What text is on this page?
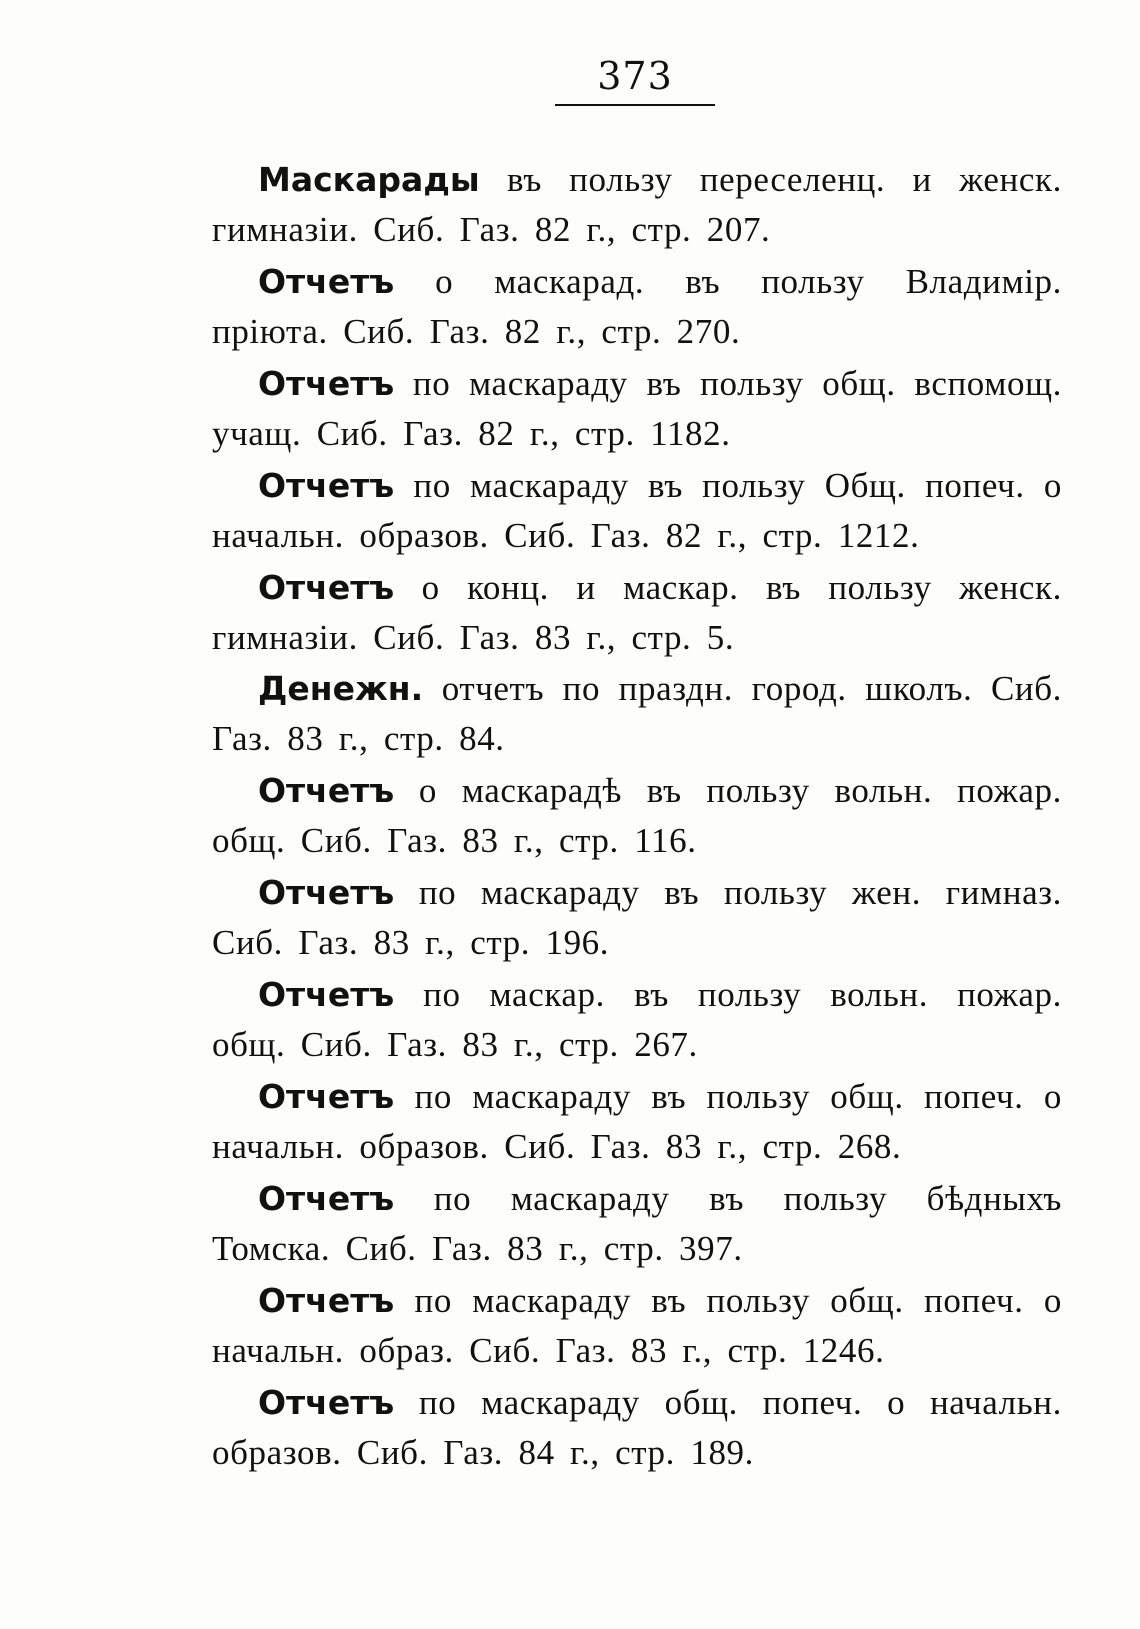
373

Маскарады въ пользу переселенц. и женск. гимназіи. Сиб. Газ. 82 г., стр. 207.

Отчетъ о маскарад. въ пользу Владимір. пріюта. Сиб. Газ. 82 г., стр. 270.

Отчетъ по маскараду въ пользу общ. вспомощ. учащ. Сиб. Газ. 82 г., стр. 1182.

Отчетъ по маскараду въ пользу Общ. попеч. о начальн. образов. Сиб. Газ. 82 г., стр. 1212.

Отчетъ о конц. и маскар. въ пользу женск. гимназіи. Сиб. Газ. 83 г., стр. 5.

Денежн. отчетъ по праздн. город. школъ. Сиб. Газ. 83 г., стр. 84.

Отчетъ о маскарадѣ въ пользу вольн. пожар. общ. Сиб. Газ. 83 г., стр. 116.

Отчетъ по маскараду въ пользу жен. гимназ. Сиб. Газ. 83 г., стр. 196.

Отчетъ по маскар. въ пользу вольн. пожар. общ. Сиб. Газ. 83 г., стр. 267.

Отчетъ по маскараду въ пользу общ. попеч. о начальн. образов. Сиб. Газ. 83 г., стр. 268.

Отчетъ по маскараду въ пользу бѣдныхъ Томска. Сиб. Газ. 83 г., стр. 397.

Отчетъ по маскараду въ пользу общ. попеч. о начальн. образ. Сиб. Газ. 83 г., стр. 1246.

Отчетъ по маскараду общ. попеч. о начальн. образов. Сиб. Газ. 84 г., стр. 189.
